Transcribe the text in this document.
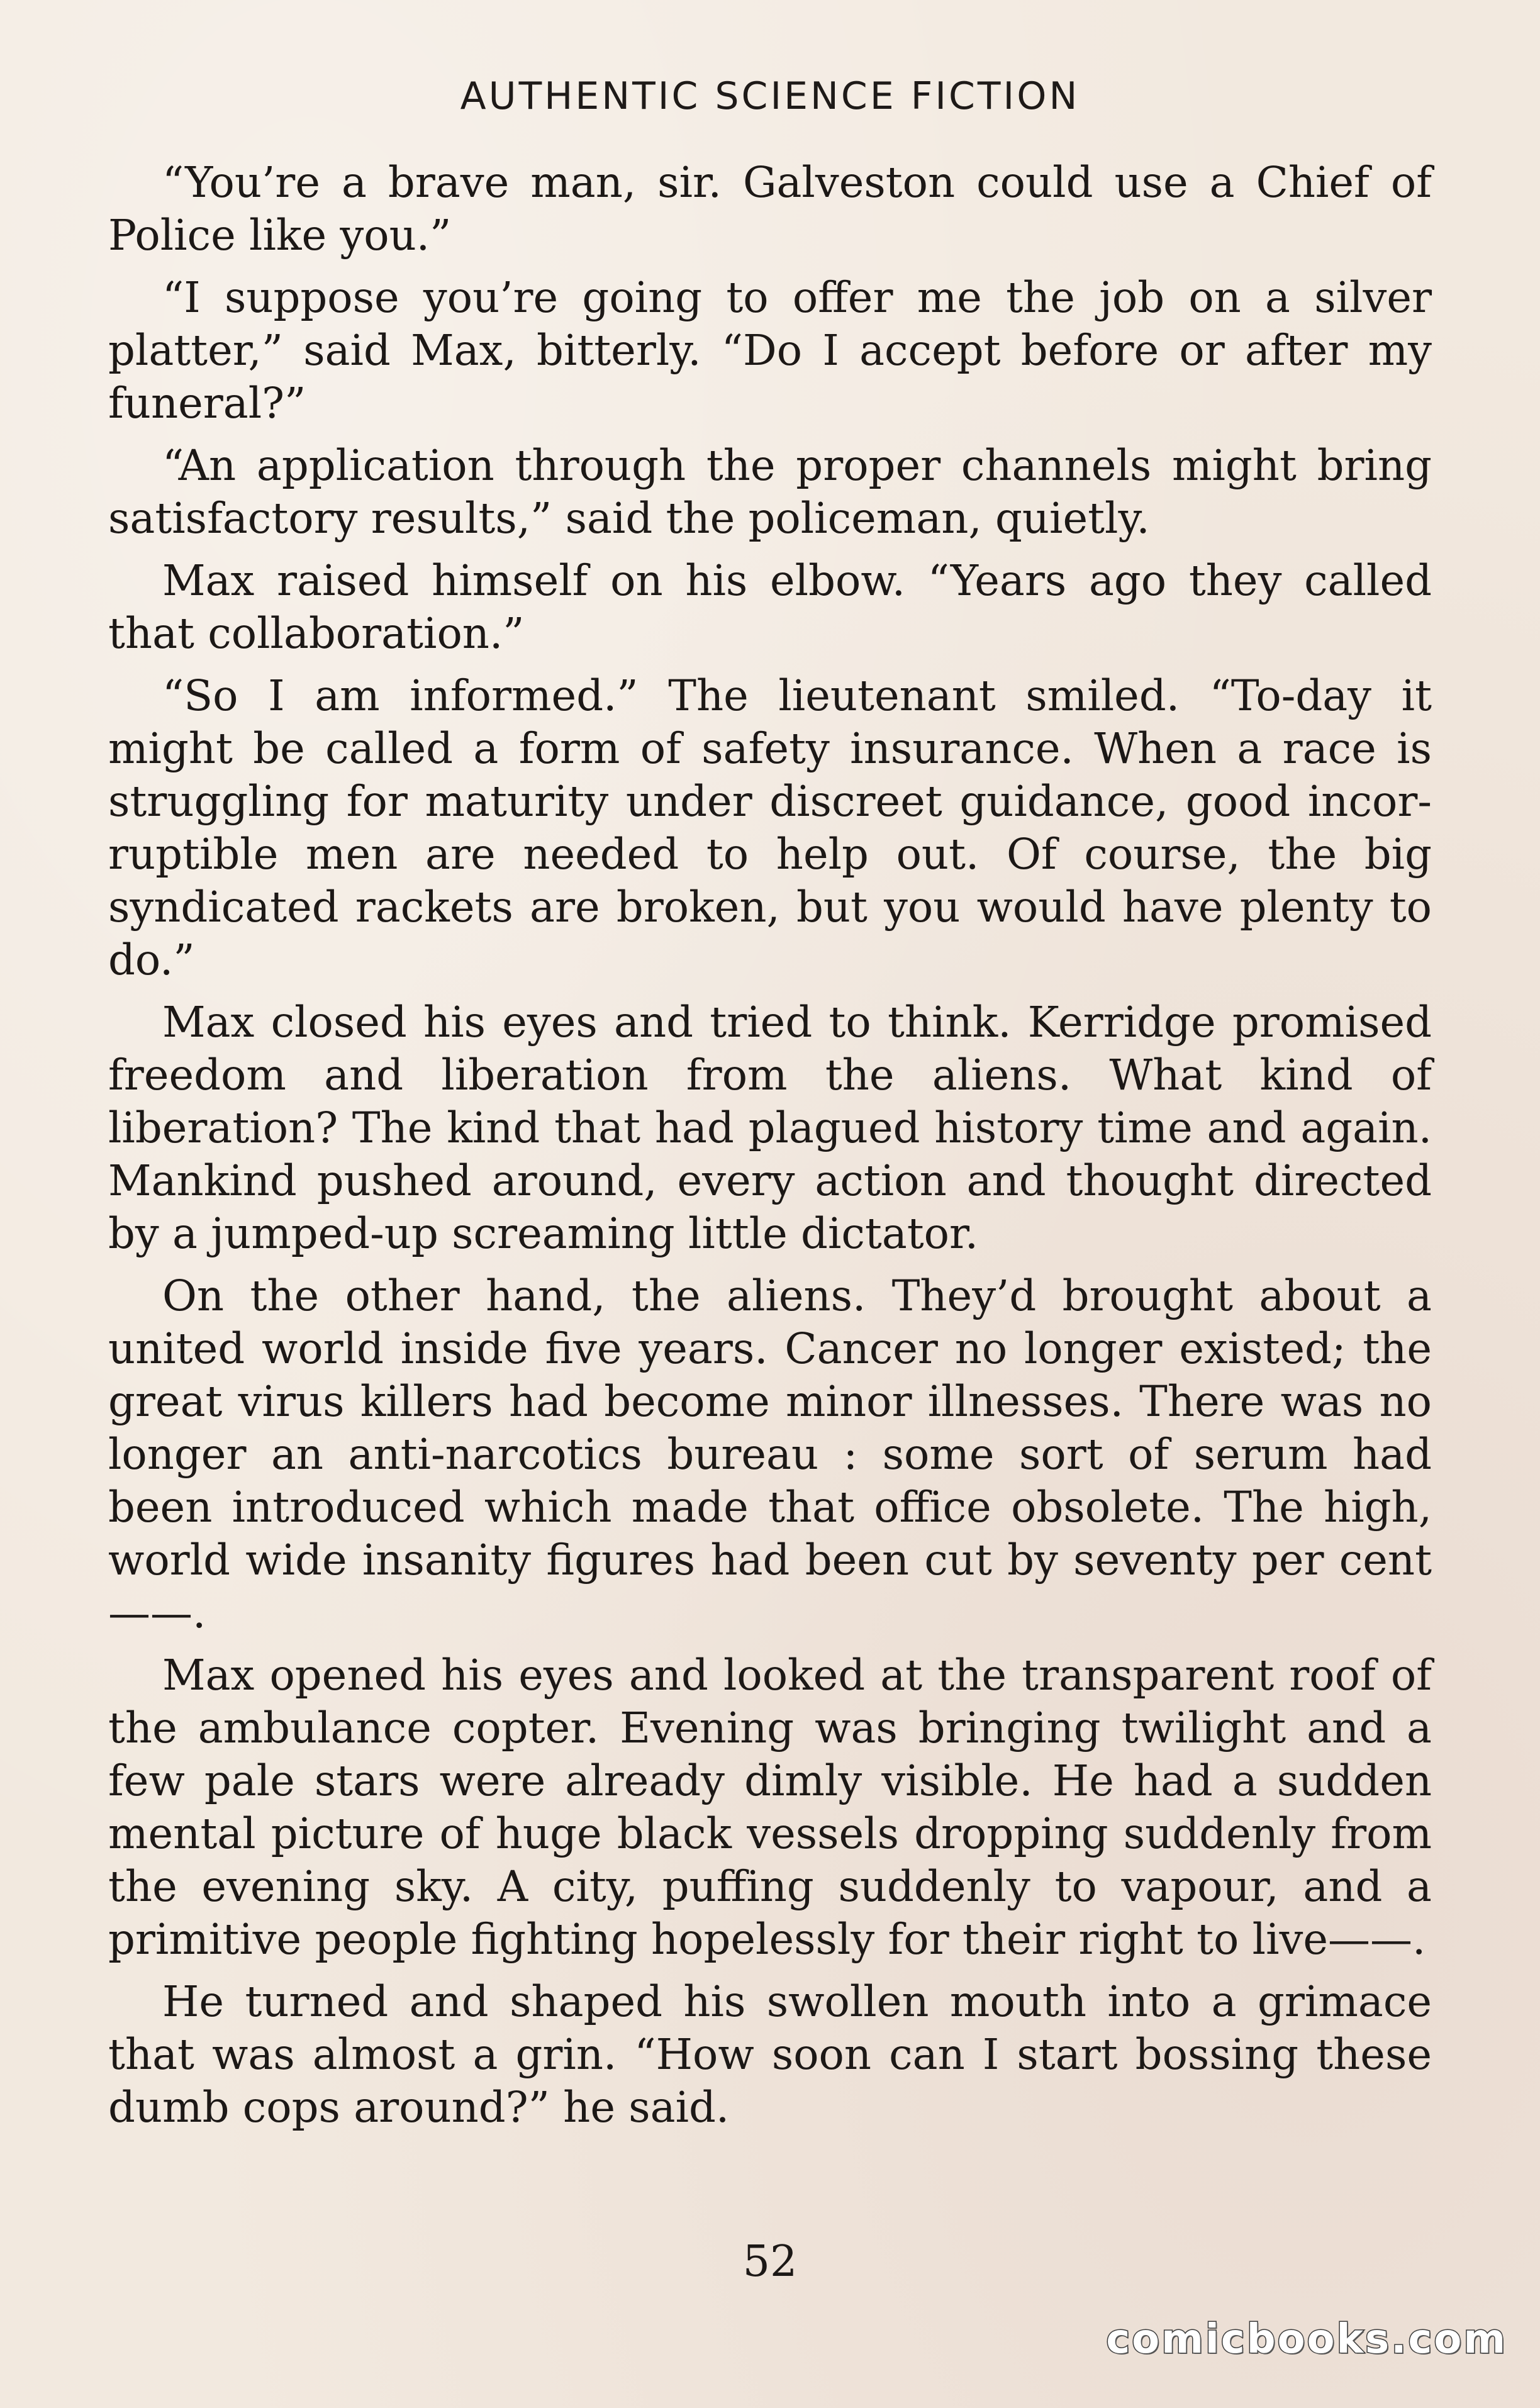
AUTHENTIC SCIENCE FICTION

“You’re a brave man, sir. Galveston could use a Chief of Police like you.”

“I suppose you’re going to offer me the job on a silver platter,” said Max, bitterly. “Do I accept before or after my funeral?”

“An application through the proper channels might bring satisfactory results,” said the policeman, quietly.

Max raised himself on his elbow. “Years ago they called that collaboration.”

“So I am informed.” The lieutenant smiled. “To-day it might be called a form of safety insurance. When a race is struggling for maturity under discreet guidance, good incorruptible men are needed to help out. Of course, the big syndicated rackets are broken, but you would have plenty to do.”

Max closed his eyes and tried to think. Kerridge promised freedom and liberation from the aliens. What kind of liberation? The kind that had plagued history time and again. Mankind pushed around, every action and thought directed by a jumped-up screaming little dictator.

On the other hand, the aliens. They’d brought about a united world inside five years. Cancer no longer existed; the great virus killers had become minor illnesses. There was no longer an anti-narcotics bureau : some sort of serum had been introduced which made that office obsolete. The high, world wide insanity figures had been cut by seventy per cent——.

Max opened his eyes and looked at the transparent roof of the ambulance copter. Evening was bringing twilight and a few pale stars were already dimly visible. He had a sudden mental picture of huge black vessels dropping suddenly from the evening sky. A city, puffing suddenly to vapour, and a primitive people fighting hopelessly for their right to live——.

He turned and shaped his swollen mouth into a grimace that was almost a grin. “How soon can I start bossing these dumb cops around?” he said.

52
comicbooks.com
